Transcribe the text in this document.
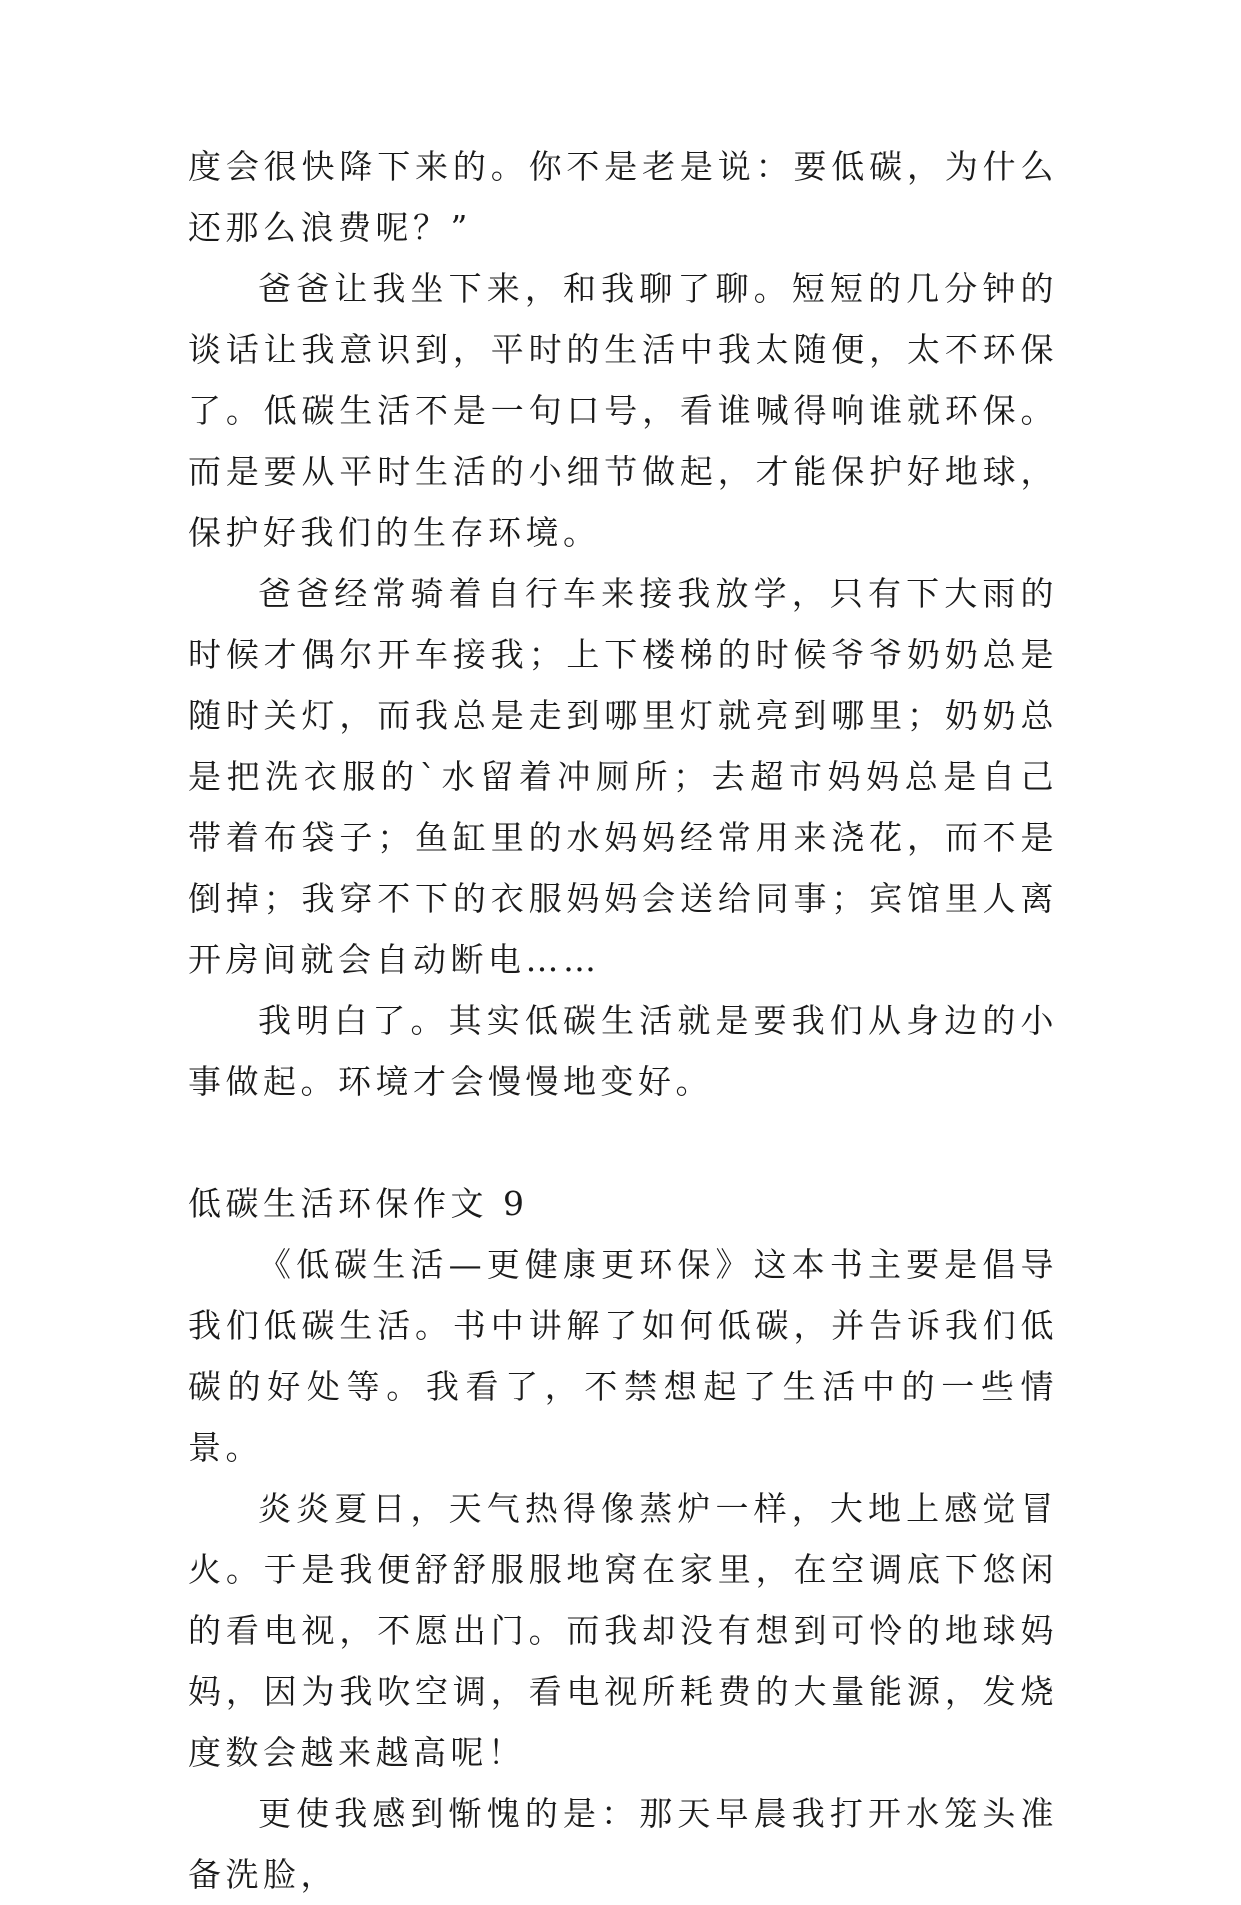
度会很快降下来的。你不是老是说：要低碳，为什么还那么浪费呢？”

爸爸让我坐下来，和我聊了聊。短短的几分钟的谈话让我意识到，平时的生活中我太随便，太不环保了。低碳生活不是一句口号，看谁喊得响谁就环保。而是要从平时生活的小细节做起，才能保护好地球，保护好我们的生存环境。

爸爸经常骑着自行车来接我放学，只有下大雨的时候才偶尔开车接我；上下楼梯的时候爷爷奶奶总是随时关灯，而我总是走到哪里灯就亮到哪里；奶奶总是把洗衣服的`水留着冲厕所；去超市妈妈总是自己带着布袋子；鱼缸里的水妈妈经常用来浇花，而不是倒掉；我穿不下的衣服妈妈会送给同事；宾馆里人离开房间就会自动断电……

我明白了。其实低碳生活就是要我们从身边的小事做起。环境才会慢慢地变好。

低碳生活环保作文 9

《低碳生活—更健康更环保》这本书主要是倡导我们低碳生活。书中讲解了如何低碳，并告诉我们低碳的好处等。我看了，不禁想起了生活中的一些情景。

炎炎夏日，天气热得像蒸炉一样，大地上感觉冒火。于是我便舒舒服服地窝在家里，在空调底下悠闲的看电视，不愿出门。而我却没有想到可怜的地球妈妈，因为我吹空调，看电视所耗费的大量能源，发烧度数会越来越高呢！

更使我感到惭愧的是：那天早晨我打开水笼头准备洗脸，
